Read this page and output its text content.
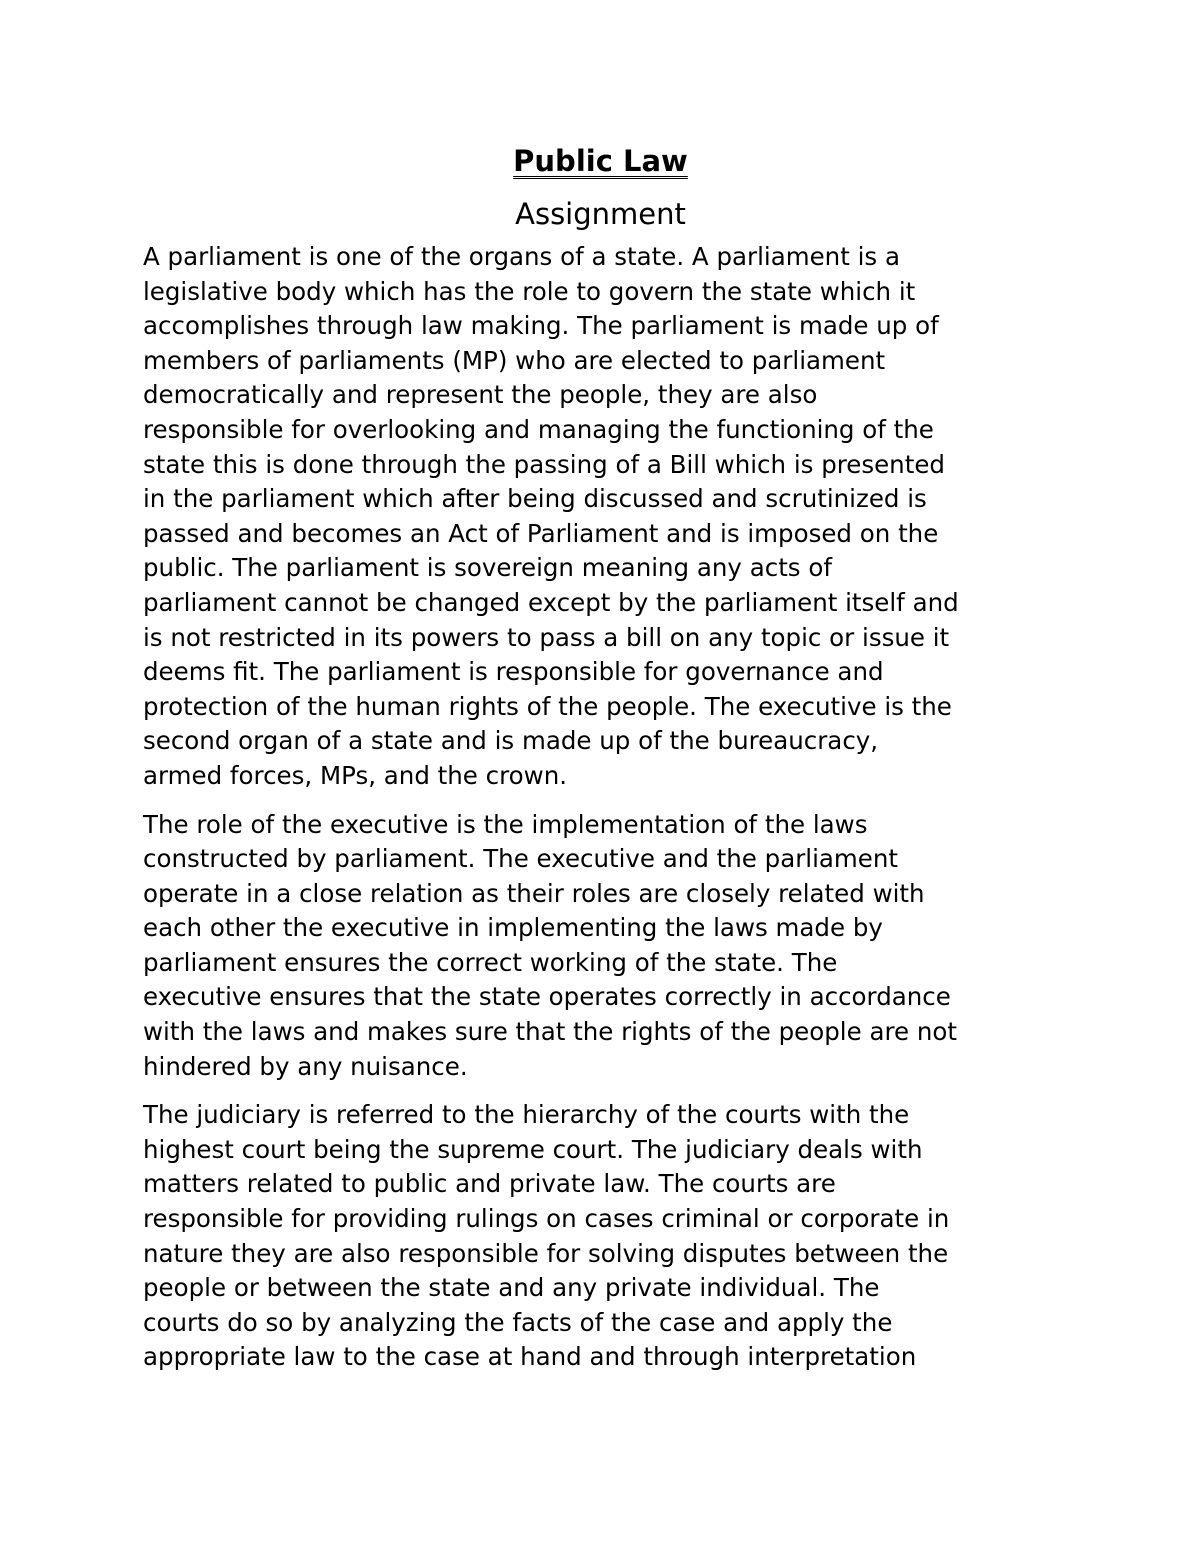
Public Law
Assignment

A parliament is one of the organs of a state. A parliament is a
legislative body which has the role to govern the state which it
accomplishes through law making. The parliament is made up of
members of parliaments (MP) who are elected to parliament
democratically and represent the people, they are also
responsible for overlooking and managing the functioning of the
state this is done through the passing of a Bill which is presented
in the parliament which after being discussed and scrutinized is
passed and becomes an Act of Parliament and is imposed on the
public. The parliament is sovereign meaning any acts of
parliament cannot be changed except by the parliament itself and
is not restricted in its powers to pass a bill on any topic or issue it
deems fit. The parliament is responsible for governance and
protection of the human rights of the people. The executive is the
second organ of a state and is made up of the bureaucracy,
armed forces, MPs, and the crown.

The role of the executive is the implementation of the laws
constructed by parliament. The executive and the parliament
operate in a close relation as their roles are closely related with
each other the executive in implementing the laws made by
parliament ensures the correct working of the state. The
executive ensures that the state operates correctly in accordance
with the laws and makes sure that the rights of the people are not
hindered by any nuisance.

The judiciary is referred to the hierarchy of the courts with the
highest court being the supreme court. The judiciary deals with
matters related to public and private law. The courts are
responsible for providing rulings on cases criminal or corporate in
nature they are also responsible for solving disputes between the
people or between the state and any private individual. The
courts do so by analyzing the facts of the case and apply the
appropriate law to the case at hand and through interpretation
